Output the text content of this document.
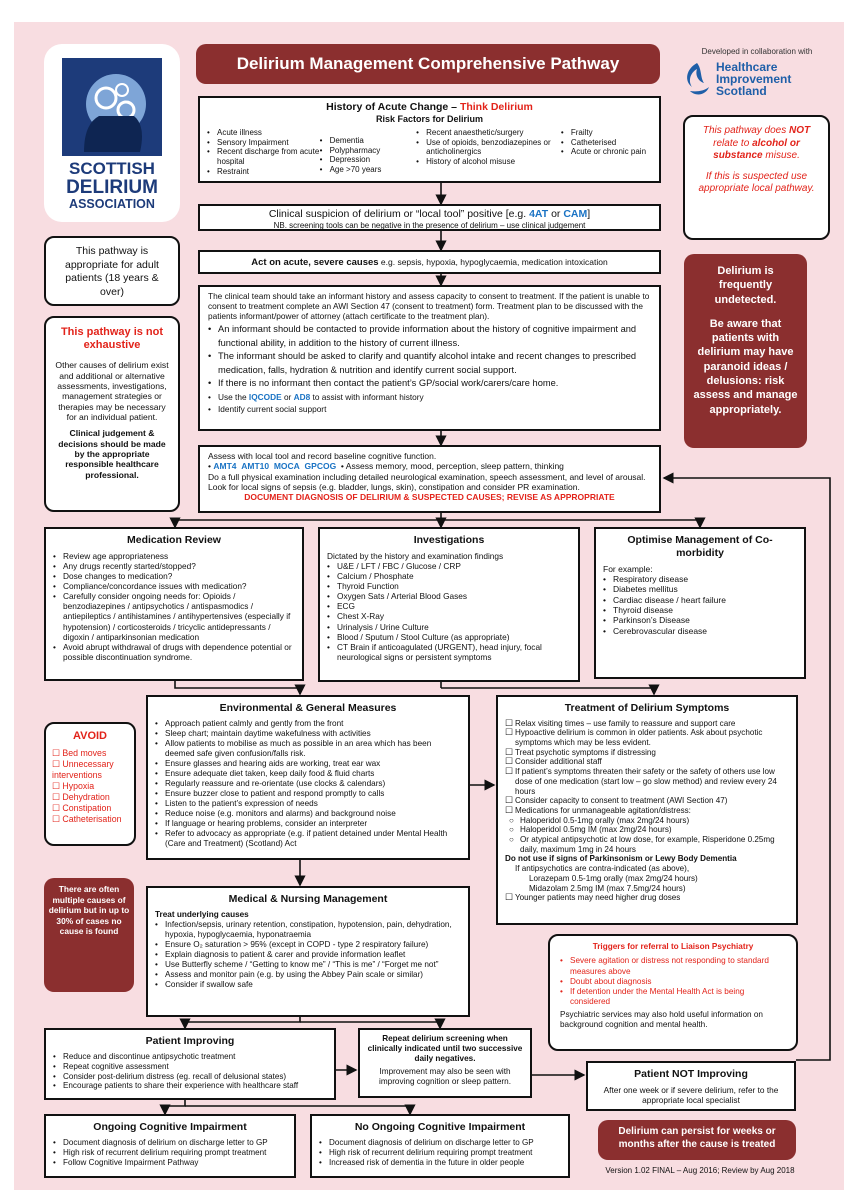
SCOTTISH
DELIRIUM
ASSOCIATION
Delirium Management Comprehensive Pathway
Developed in collaboration with
Healthcare
Improvement
Scotland
History of Acute Change – Think Delirium
Risk Factors for Delirium
• Acute illness
• Sensory Impairment
• Recent discharge from acute hospital
• Restraint
• Dementia
• Polypharmacy
• Depression
• Age >70 years
• Recent anaesthetic/surgery
• Use of opioids, benzodiazepines or anticholinergics
• History of alcohol misuse
• Frailty
• Catheterised
• Acute or chronic pain
This pathway does NOT relate to alcohol or substance misuse.
If this is suspected use appropriate local pathway.
Clinical suspicion of delirium or “local tool” positive [e.g. 4AT or CAM]
NB. screening tools can be negative in the presence of delirium – use clinical judgement
This pathway is appropriate for adult patients (18 years & over)
Act on acute, severe causes e.g. sepsis, hypoxia, hypoglycaemia, medication intoxication
Delirium is frequently undetected.
Be aware that patients with delirium may have paranoid ideas / delusions: risk assess and manage appropriately.
The clinical team should take an informant history and assess capacity to consent to treatment. If the patient is unable to consent to treatment complete an AWI Section 47 (consent to treatment) form. Treatment plan to be discussed with the patients informant/power of attorney (attach certificate to the treatment plan).
• An informant should be contacted to provide information about the history of cognitive impairment and functional ability, in addition to the history of current illness.
• The informant should be asked to clarify and quantify alcohol intake and recent changes to prescribed medication, falls, hydration & nutrition and identify current social support.
• If there is no informant then contact the patient’s GP/social work/carers/care home.
• Use the IQCODE or AD8 to assist with informant history
• Identify current social support
This pathway is not exhaustive
Other causes of delirium exist and additional or alternative assessments, investigations, management strategies or therapies may be necessary for an individual patient.
Clinical judgement & decisions should be made by the appropriate responsible healthcare professional.
Assess with local tool and record baseline cognitive function.
• AMT4 AMT10 MOCA GPCOG  • Assess memory, mood, perception, sleep pattern, thinking
Do a full physical examination including detailed neurological examination, speech assessment, and level of arousal. Look for local signs of sepsis (e.g. bladder, lungs, skin), constipation and consider PR examination.
DOCUMENT DIAGNOSIS OF DELIRIUM & SUSPECTED CAUSES; REVISE AS APPROPRIATE
Medication Review
• Review age appropriateness
• Any drugs recently started/stopped?
• Dose changes to medication?
• Compliance/concordance issues with medication?
• Carefully consider ongoing needs for: Opioids / benzodiazepines / antipsychotics / antispasmodics / antiepileptics / antihistamines / antihypertensives (especially if hypotension) / corticosteroids / tricyclic antidepressants / digoxin / antiparkinsonian medication
• Avoid abrupt withdrawal of drugs with dependence potential or possible discontinuation syndrome.
Investigations
Dictated by the history and examination findings
• U&E / LFT / FBC / Glucose / CRP
• Calcium / Phosphate
• Thyroid Function
• Oxygen Sats / Arterial Blood Gases
• ECG
• Chest X-Ray
• Urinalysis / Urine Culture
• Blood / Sputum / Stool Culture (as appropriate)
• CT Brain if anticoagulated (URGENT), head injury, focal neurological signs or persistent symptoms
Optimise Management of Co-morbidity
For example:
• Respiratory disease
• Diabetes mellitus
• Cardiac disease / heart failure
• Thyroid disease
• Parkinson’s Disease
• Cerebrovascular disease
AVOID
☐ Bed moves
☐ Unnecessary interventions
☐ Hypoxia
☐ Dehydration
☐ Constipation
☐ Catheterisation
Environmental & General Measures
• Approach patient calmly and gently from the front
• Sleep chart; maintain daytime wakefulness with activities
• Allow patients to mobilise as much as possible in an area which has been deemed safe given confusion/falls risk.
• Ensure glasses and hearing aids are working, treat ear wax
• Ensure adequate diet taken, keep daily food & fluid charts
• Regularly reassure and re-orientate (use clocks & calendars)
• Ensure buzzer close to patient and respond promptly to calls
• Listen to the patient’s expression of needs
• Reduce noise (e.g. monitors and alarms) and background noise
• If language or hearing problems, consider an interpreter
• Refer to advocacy as appropriate (e.g. if patient detained under Mental Health (Care and Treatment) (Scotland) Act
Treatment of Delirium Symptoms
☐ Relax visiting times – use family to reassure and support care
☐ Hypoactive delirium is common in older patients. Ask about psychotic symptoms which may be less evident.
☐ Treat psychotic symptoms if distressing
☐ Consider additional staff
☐ If patient’s symptoms threaten their safety or the safety of others use low dose of one medication (start low – go slow method) and review every 24 hours
☐ Consider capacity to consent to treatment (AWI Section 47)
☐ Medications for unmanageable agitation/distress:
○ Haloperidol 0.5-1mg orally (max 2mg/24 hours)
○ Haloperidol 0.5mg IM (max 2mg/24 hours)
○ Or atypical antipsychotic at low dose, for example, Risperidone 0.25mg daily, maximum 1mg in 24 hours
Do not use if signs of Parkinsonism or Lewy Body Dementia
If antipsychotics are contra-indicated (as above),
Lorazepam 0.5-1mg orally (max 2mg/24 hours)
Midazolam 2.5mg IM (max 7.5mg/24 hours)
☐ Younger patients may need higher drug doses
There are often multiple causes of delirium but in up to 30% of cases no cause is found
Medical & Nursing Management
Treat underlying causes
• Infection/sepsis, urinary retention, constipation, hypotension, pain, dehydration, hypoxia, hypoglycaemia, hyponatraemia
• Ensure O₂ saturation > 95% (except in COPD - type 2 respiratory failure)
• Explain diagnosis to patient & carer and provide information leaflet
• Use Butterfly scheme / “Getting to know me” / “This is me” / “Forget me not”
• Assess and monitor pain (e.g. by using the Abbey Pain scale or similar)
• Consider if swallow safe
Triggers for referral to Liaison Psychiatry
• Severe agitation or distress not responding to standard measures above
• Doubt about diagnosis
• If detention under the Mental Health Act is being considered
Psychiatric services may also hold useful information on background cognition and mental health.
Patient Improving
• Reduce and discontinue antipsychotic treatment
• Repeat cognitive assessment
• Consider post-delirium distress (eg. recall of delusional states)
• Encourage patients to share their experience with healthcare staff
Repeat delirium screening when clinically indicated until two successive daily negatives.
Improvement may also be seen with improving cognition or sleep pattern.
Patient NOT Improving
After one week or if severe delirium, refer to the appropriate local specialist
Ongoing Cognitive Impairment
• Document diagnosis of delirium on discharge letter to GP
• High risk of recurrent delirium requiring prompt treatment
• Follow Cognitive Impairment Pathway
No Ongoing Cognitive Impairment
• Document diagnosis of delirium on discharge letter to GP
• High risk of recurrent delirium requiring prompt treatment
• Increased risk of dementia in the future in older people
Delirium can persist for weeks or months after the cause is treated
Version 1.02 FINAL – Aug 2016; Review by Aug 2018
